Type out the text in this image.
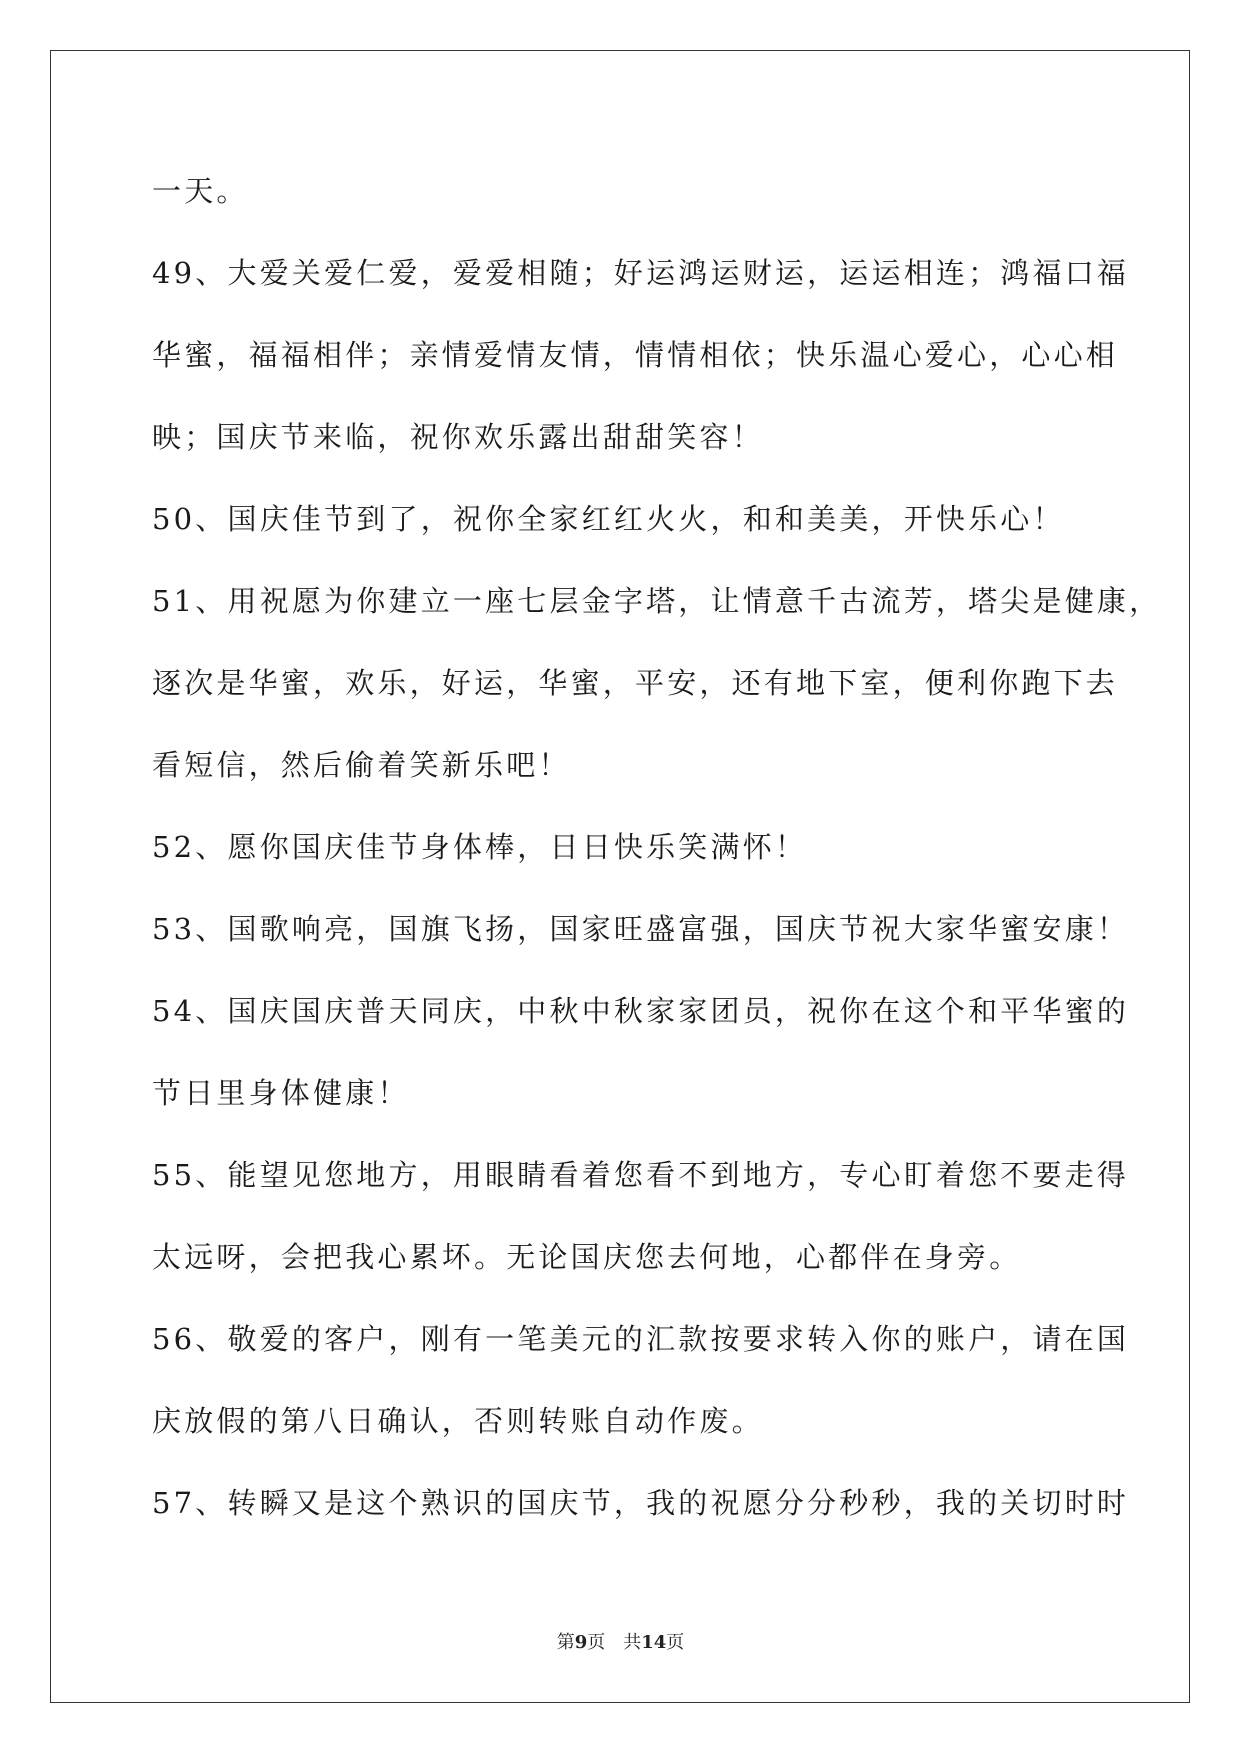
一天。
49、大爱关爱仁爱，爱爱相随；好运鸿运财运，运运相连；鸿福口福
华蜜，福福相伴；亲情爱情友情，情情相依；快乐温心爱心，心心相
映；国庆节来临，祝你欢乐露出甜甜笑容！
50、国庆佳节到了，祝你全家红红火火，和和美美，开快乐心！
51、用祝愿为你建立一座七层金字塔，让情意千古流芳，塔尖是健康，
逐次是华蜜，欢乐，好运，华蜜，平安，还有地下室，便利你跑下去
看短信，然后偷着笑新乐吧！
52、愿你国庆佳节身体棒，日日快乐笑满怀！
53、国歌响亮，国旗飞扬，国家旺盛富强，国庆节祝大家华蜜安康！
54、国庆国庆普天同庆，中秋中秋家家团员，祝你在这个和平华蜜的
节日里身体健康！
55、能望见您地方，用眼睛看着您看不到地方，专心盯着您不要走得
太远呀，会把我心累坏。无论国庆您去何地，心都伴在身旁。
56、敬爱的客户，刚有一笔美元的汇款按要求转入你的账户，请在国
庆放假的第八日确认，否则转账自动作废。
57、转瞬又是这个熟识的国庆节，我的祝愿分分秒秒，我的关切时时
第9页 共14页
